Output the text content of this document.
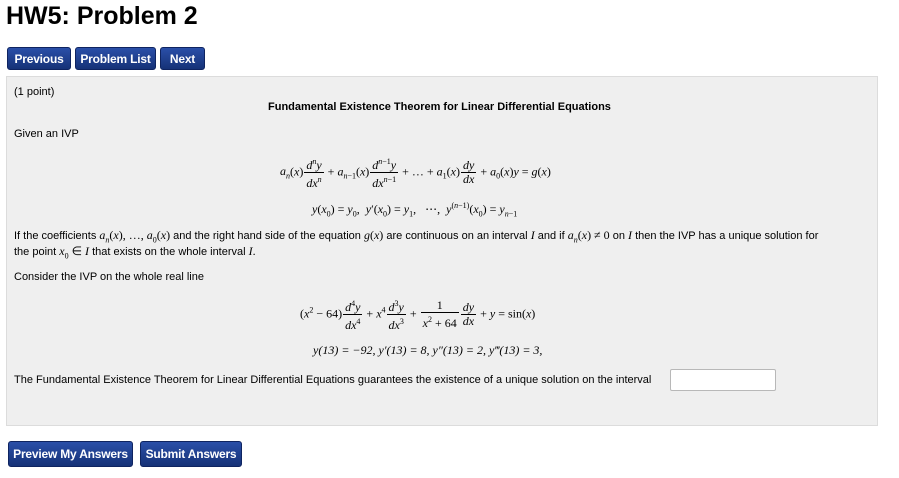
HW5: Problem 2
Previous	Problem List	Next
(1 point)
Fundamental Existence Theorem for Linear Differential Equations
Given an IVP
$a_n(x) \frac{d^ny}{dx^n} + a_{n-1}(x) \frac{d^{n-1}y}{dx^{n-1}}$ + … + $a_1(x) \frac{dy}{dx} + a_0(x)y = g(x)$
$y(x_0) = y_0$,  $y'(x_0) = y_1$,   ⋯,  $y^{(n-1)}(x_0) = y_{n-1}$
If the coefficients $a_n(x)$, …, $a_0(x)$ and the right hand side of the equation g(x) are continuous on an interval I and if $a_n(x) \ne 0$ on I then the IVP has a unique solution for
the point $x_0$ ∈ I that exists on the whole interval I.
Consider the IVP on the whole real line
$(x^2 - 64) \frac{d^4y}{dx^4} + x^4 \frac{d^3y}{dx^3} + \frac{1}{x^2 + 64} \frac{dy}{dx} + y = \sin(x)$
y(13) = −92, y′(13) = 8, y″(13) = 2, y‴(13) = 3,
The Fundamental Existence Theorem for Linear Differential Equations guarantees the existence of a unique solution on the interval
Preview My Answers	Submit Answers
